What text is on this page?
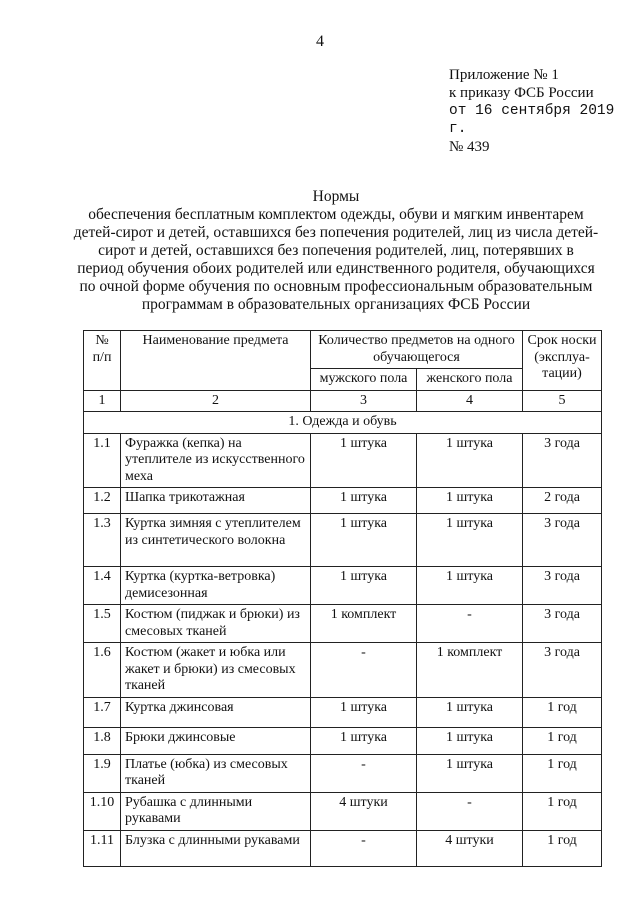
4
Приложение № 1
к приказу ФСБ России
от 16 сентября 2019 г.
№ 439
Нормы
обеспечения бесплатным комплектом одежды, обуви и мягким инвентарем
детей-сирот и детей, оставшихся без попечения родителей, лиц из числа детей-
сирот и детей, оставшихся без попечения родителей, лиц, потерявших в
период обучения обоих родителей или единственного родителя, обучающихся
по очной форме обучения по основным профессиональным образовательным
программам в образовательных организациях ФСБ России
№ п/п	Наименование предмета	Количество предметов на одного обучающегося		Срок носки (эксплуа-тации)
		мужского пола	женского пола	
1	2	3	4	5
1. Одежда и обувь				
1.1	Фуражка (кепка) на утеплителе из искусственного меха	1 штука	1 штука	3 года
1.2	Шапка трикотажная	1 штука	1 штука	2 года
1.3	Куртка зимняя с утеплителем из синтетического волокна	1 штука	1 штука	3 года
1.4	Куртка (куртка-ветровка) демисезонная	1 штука	1 штука	3 года
1.5	Костюм (пиджак и брюки) из смесовых тканей	1 комплект	-	3 года
1.6	Костюм (жакет и юбка или жакет и брюки) из смесовых тканей	-	1 комплект	3 года
1.7	Куртка джинсовая	1 штука	1 штука	1 год
1.8	Брюки джинсовые	1 штука	1 штука	1 год
1.9	Платье (юбка) из смесовых тканей	-	1 штука	1 год
1.10	Рубашка с длинными рукавами	4 штуки	-	1 год
1.11	Блузка с длинными рукавами	-	4 штуки	1 год
